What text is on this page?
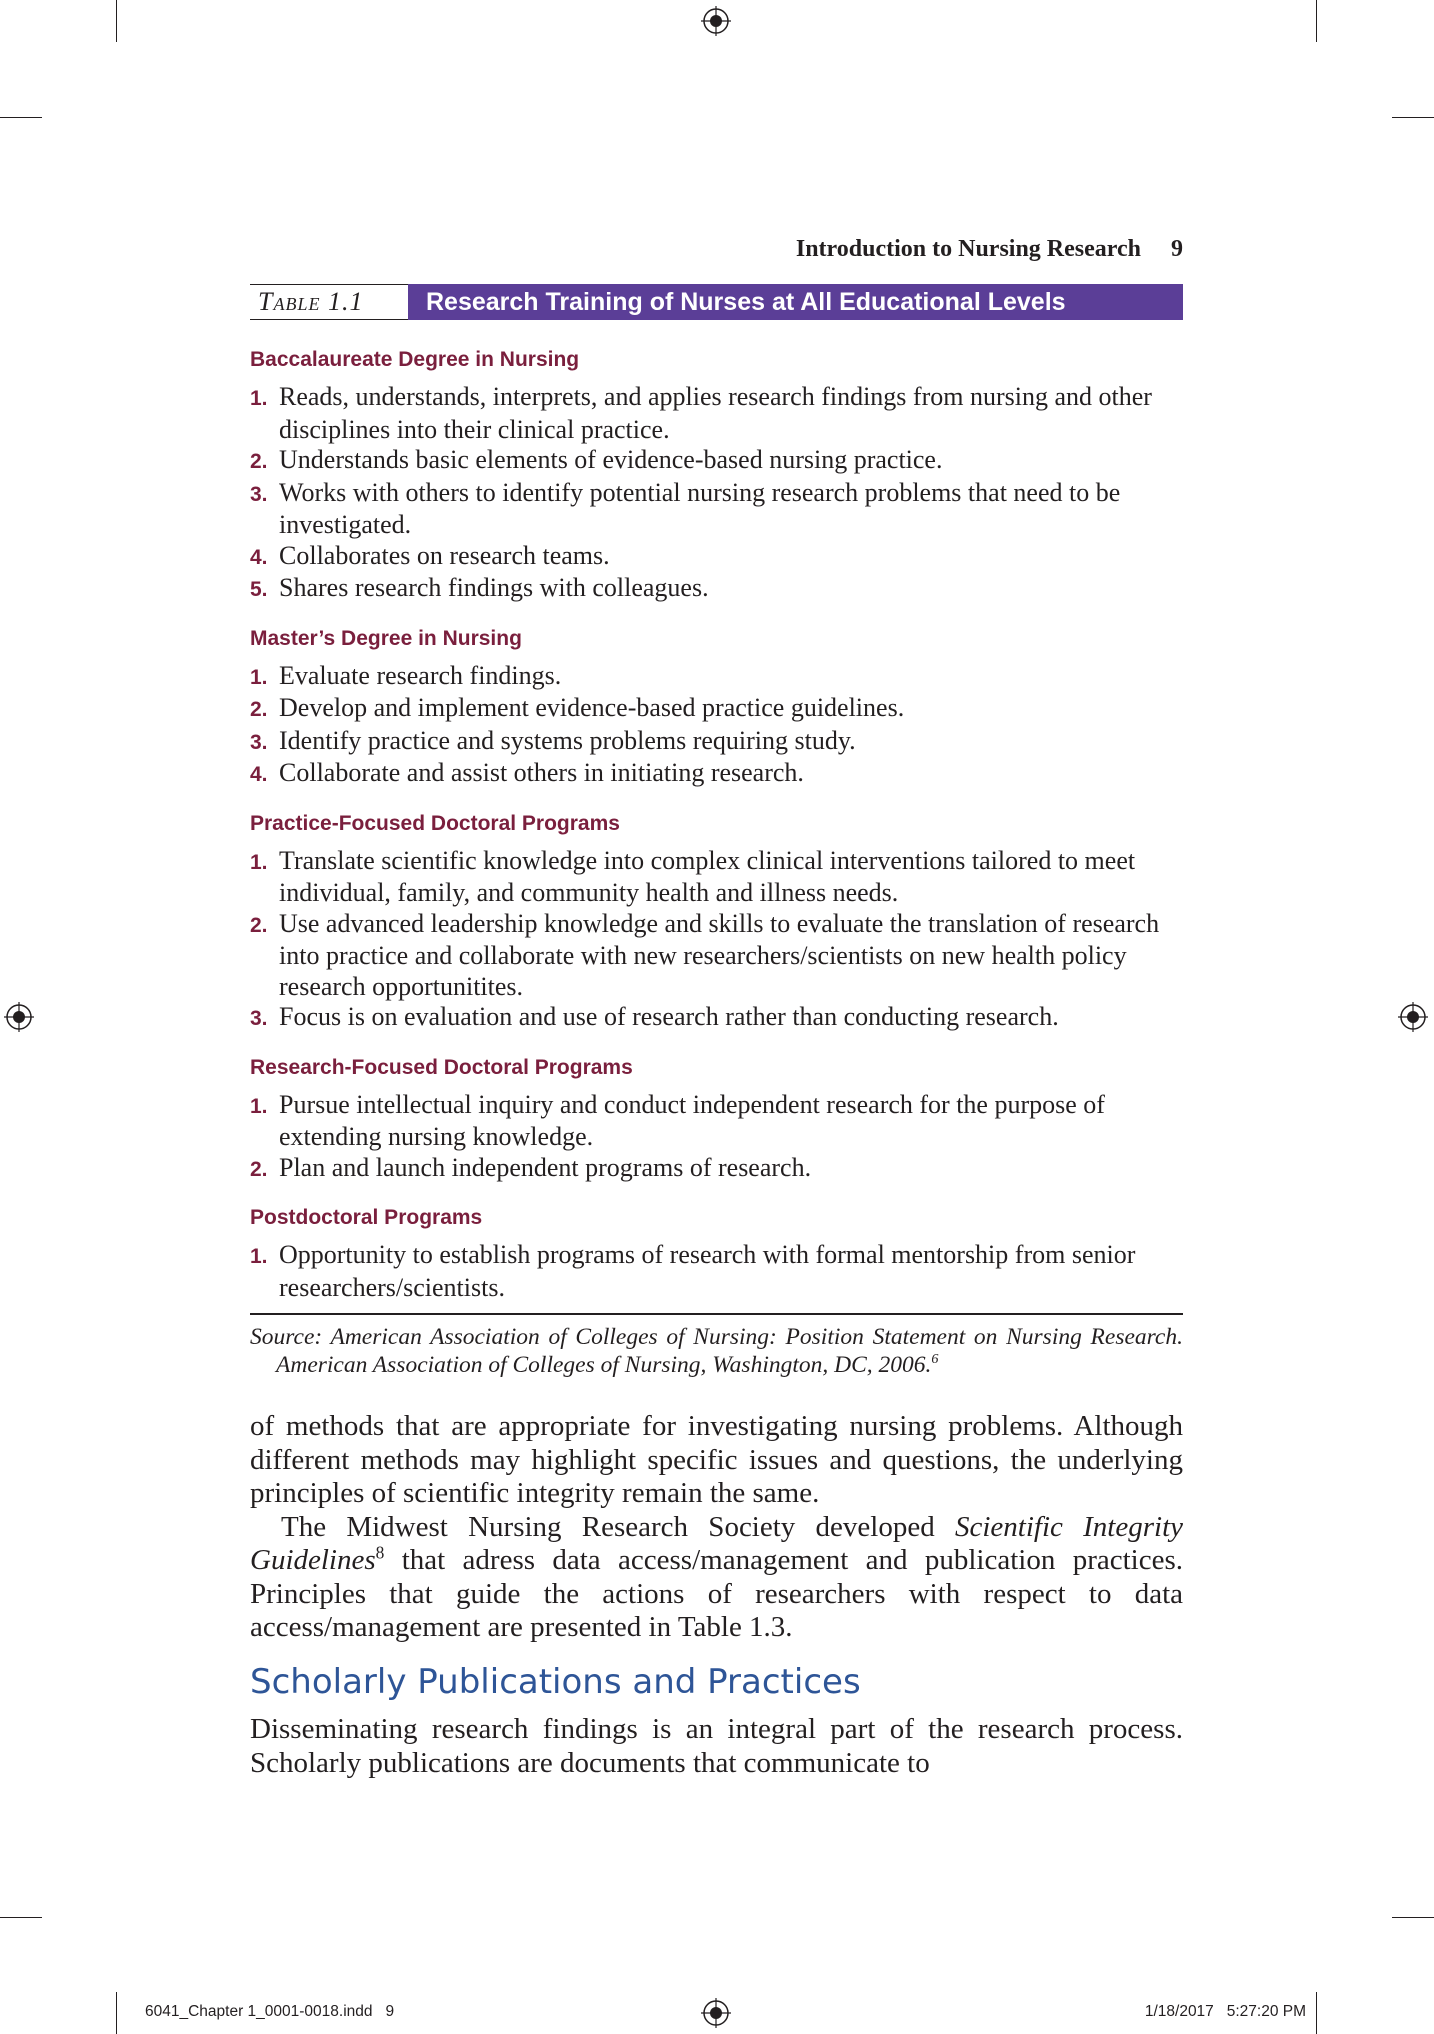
Introduction to Nursing Research 9
Table 1.1	Research Training of Nurses at All Educational Levels
Baccalaureate Degree in Nursing
1. Reads, understands, interprets, and applies research findings from nursing and other disciplines into their clinical practice.
2. Understands basic elements of evidence-based nursing practice.
3. Works with others to identify potential nursing research problems that need to be investigated.
4. Collaborates on research teams.
5. Shares research findings with colleagues.
Master’s Degree in Nursing
1. Evaluate research findings.
2. Develop and implement evidence-based practice guidelines.
3. Identify practice and systems problems requiring study.
4. Collaborate and assist others in initiating research.
Practice-Focused Doctoral Programs
1. Translate scientific knowledge into complex clinical interventions tailored to meet individual, family, and community health and illness needs.
2. Use advanced leadership knowledge and skills to evaluate the translation of research into practice and collaborate with new researchers/scientists on new health policy research opportunitites.
3. Focus is on evaluation and use of research rather than conducting research.
Research-Focused Doctoral Programs
1. Pursue intellectual inquiry and conduct independent research for the purpose of extending nursing knowledge.
2. Plan and launch independent programs of research.
Postdoctoral Programs
1. Opportunity to establish programs of research with formal mentorship from senior researchers/scientists.
Source: American Association of Colleges of Nursing: Position Statement on Nursing Research. American Association of Colleges of Nursing, Washington, DC, 2006.$^6$

of methods that are appropriate for investigating nursing problems. Although different methods may highlight specific issues and questions, the underlying principles of scientific integrity remain the same.

The Midwest Nursing Research Society developed Scientific Integrity Guidelines$^8$ that adress data access/management and publication practices. Principles that guide the actions of researchers with respect to data access/management are presented in Table 1.3.

Scholarly Publications and Practices

Disseminating research findings is an integral part of the research process. Scholarly publications are documents that communicate to

6041_Chapter 1_0001-0018.indd   9	1/18/2017   5:27:20 PM
